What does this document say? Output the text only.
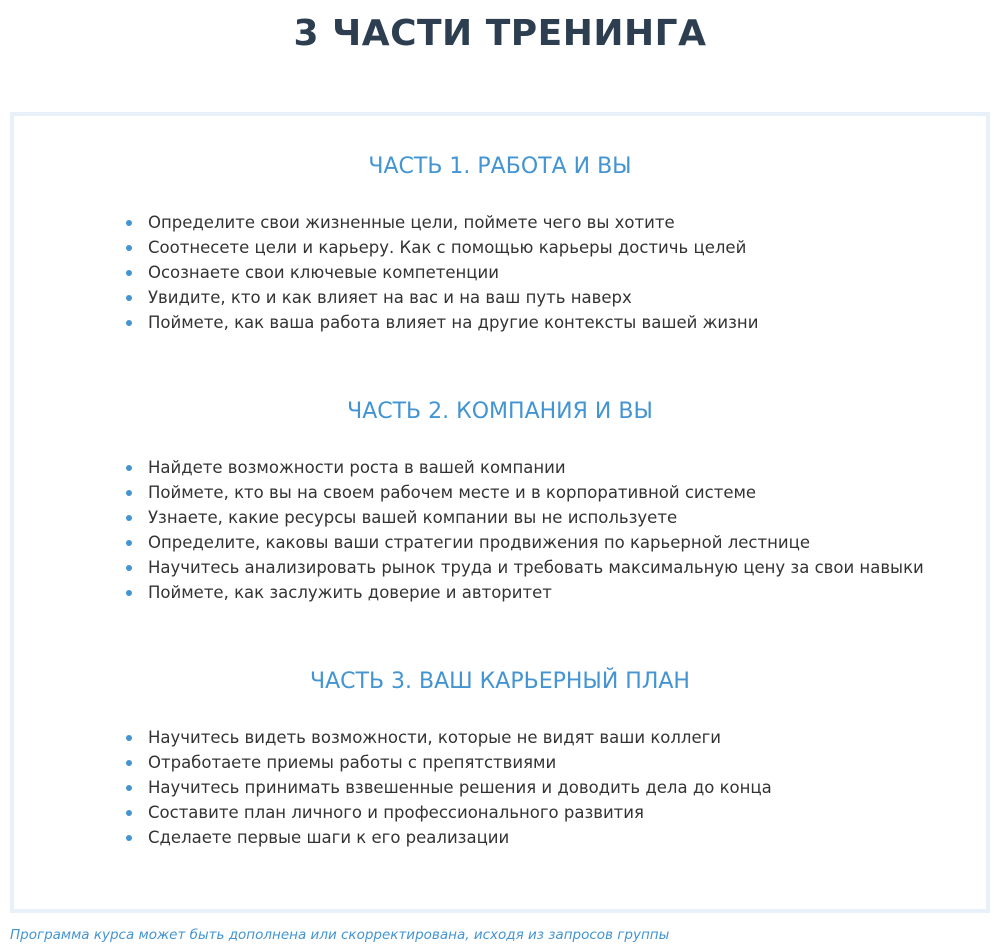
3 ЧАСТИ ТРЕНИНГА
ЧАСТЬ 1. РАБОТА И ВЫ
Определите свои жизненные цели, поймете чего вы хотите
Соотнесете цели и карьеру. Как с помощью карьеры достичь целей
Осознаете свои ключевые компетенции
Увидите, кто и как влияет на вас и на ваш путь наверх
Поймете, как ваша работа влияет на другие контексты вашей жизни
ЧАСТЬ 2. КОМПАНИЯ И ВЫ
Найдете возможности роста в вашей компании
Поймете, кто вы на своем рабочем месте и в корпоративной системе
Узнаете, какие ресурсы вашей компании вы не используете
Определите, каковы ваши стратегии продвижения по карьерной лестнице
Научитесь анализировать рынок труда и требовать максимальную цену за свои навыки
Поймете, как заслужить доверие и авторитет
ЧАСТЬ 3. ВАШ КАРЬЕРНЫЙ ПЛАН
Научитесь видеть возможности, которые не видят ваши коллеги
Отработаете приемы работы с препятствиями
Научитесь принимать взвешенные решения и доводить дела до конца
Составите план личного и профессионального развития
Сделаете первые шаги к его реализации

Программа курса может быть дополнена или скорректирована, исходя из запросов группы
